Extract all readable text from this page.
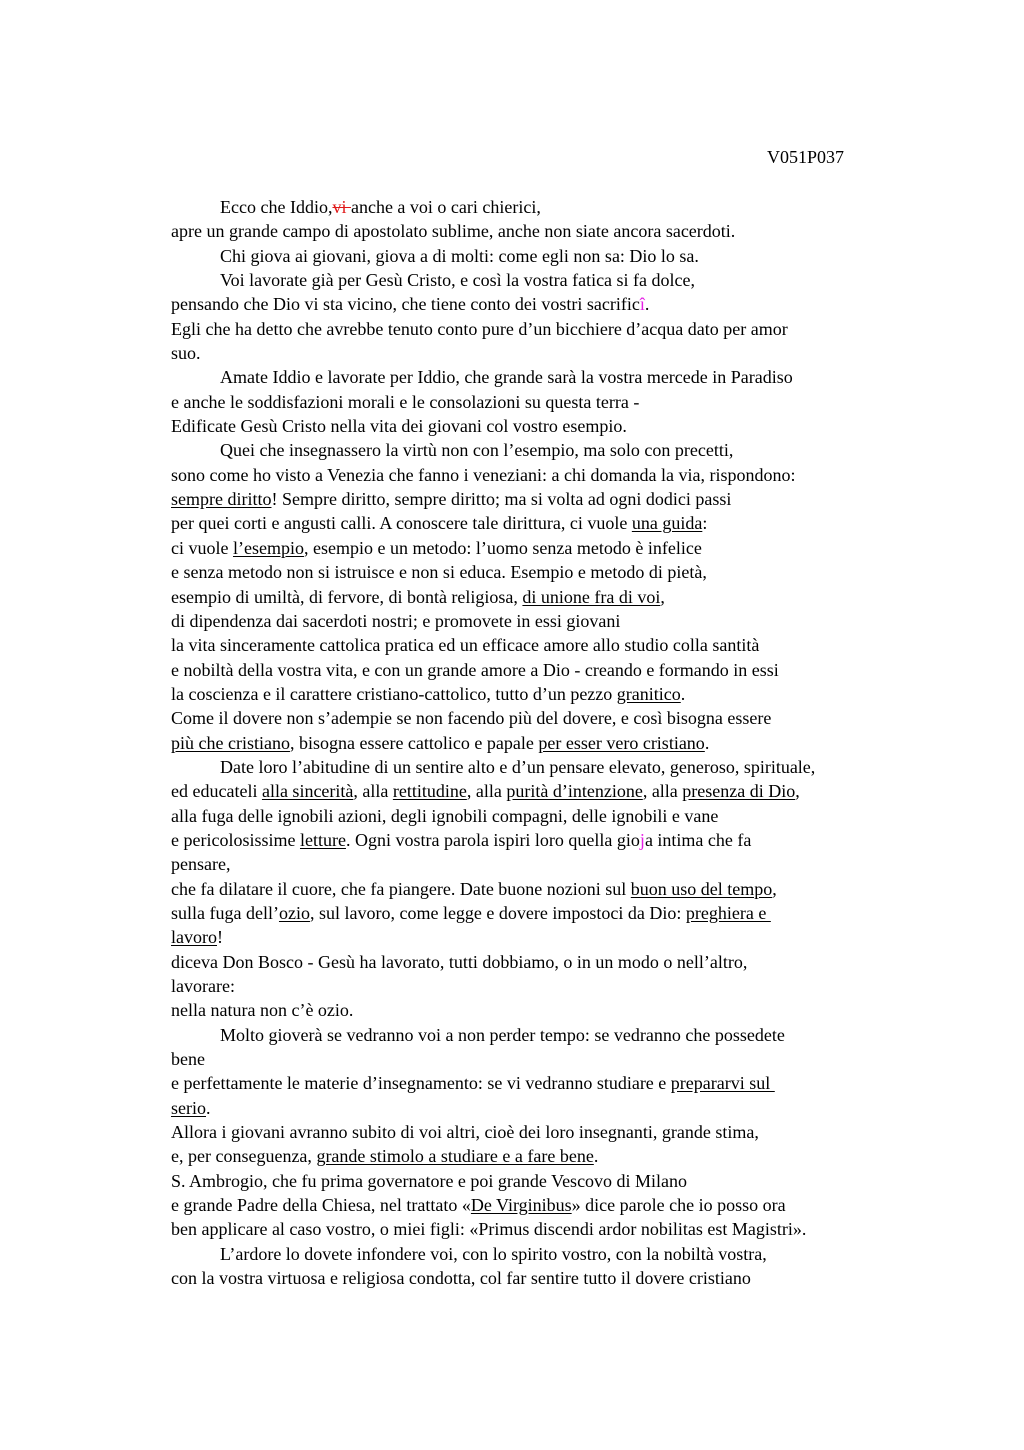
V051P037
Ecco che Iddio,vi anche a voi o cari chierici,
apre un grande campo di apostolato sublime, anche non siate ancora sacerdoti.
Chi giova ai giovani, giova a di molti: come egli non sa: Dio lo sa.
Voi lavorate già per Gesù Cristo, e così la vostra fatica si fa dolce,
pensando che Dio vi sta vicino, che tiene conto dei vostri sacrificî.
Egli che ha detto che avrebbe tenuto conto pure d’un bicchiere d’acqua dato per amor
suo.
Amate Iddio e lavorate per Iddio, che grande sarà la vostra mercede in Paradiso
e anche le soddisfazioni morali e le consolazioni su questa terra -
Edificate Gesù Cristo nella vita dei giovani col vostro esempio.
Quei che insegnassero la virtù non con l’esempio, ma solo con precetti,
sono come ho visto a Venezia che fanno i veneziani: a chi domanda la via, rispondono:
sempre diritto! Sempre diritto, sempre diritto; ma si volta ad ogni dodici passi
per quei corti e angusti calli. A conoscere tale dirittura, ci vuole una guida:
ci vuole l’esempio, esempio e un metodo: l’uomo senza metodo è infelice
e senza metodo non si istruisce e non si educa. Esempio e metodo di pietà,
esempio di umiltà, di fervore, di bontà religiosa, di unione fra di voi,
di dipendenza dai sacerdoti nostri; e promovete in essi giovani
la vita sinceramente cattolica pratica ed un efficace amore allo studio colla santità
e nobiltà della vostra vita, e con un grande amore a Dio - creando e formando in essi
la coscienza e il carattere cristiano-cattolico, tutto d’un pezzo granitico.
Come il dovere non s’adempie se non facendo più del dovere, e così bisogna essere
più che cristiano, bisogna essere cattolico e papale per esser vero cristiano.
Date loro l’abitudine di un sentire alto e d’un pensare elevato, generoso, spirituale,
ed educateli alla sincerità, alla rettitudine, alla purità d’intenzione, alla presenza di Dio,
alla fuga delle ignobili azioni, degli ignobili compagni, delle ignobili e vane
e pericolosissime letture. Ogni vostra parola ispiri loro quella gioja intima che fa
pensare,
che fa dilatare il cuore, che fa piangere. Date buone nozioni sul buon uso del tempo,
sulla fuga dell’ozio, sul lavoro, come legge e dovere impostoci da Dio: preghiera e
lavoro!
diceva Don Bosco - Gesù ha lavorato, tutti dobbiamo, o in un modo o nell’altro,
lavorare:
nella natura non c’è ozio.
Molto gioverà se vedranno voi a non perder tempo: se vedranno che possedete
bene
e perfettamente le materie d’insegnamento: se vi vedranno studiare e prepararvi sul
serio.
Allora i giovani avranno subito di voi altri, cioè dei loro insegnanti, grande stima,
e, per conseguenza, grande stimolo a studiare e a fare bene.
S. Ambrogio, che fu prima governatore e poi grande Vescovo di Milano
e grande Padre della Chiesa, nel trattato «De Virginibus» dice parole che io posso ora
ben applicare al caso vostro, o miei figli: «Primus discendi ardor nobilitas est Magistri».
L’ardore lo dovete infondere voi, con lo spirito vostro, con la nobiltà vostra,
con la vostra virtuosa e religiosa condotta, col far sentire tutto il dovere cristiano
